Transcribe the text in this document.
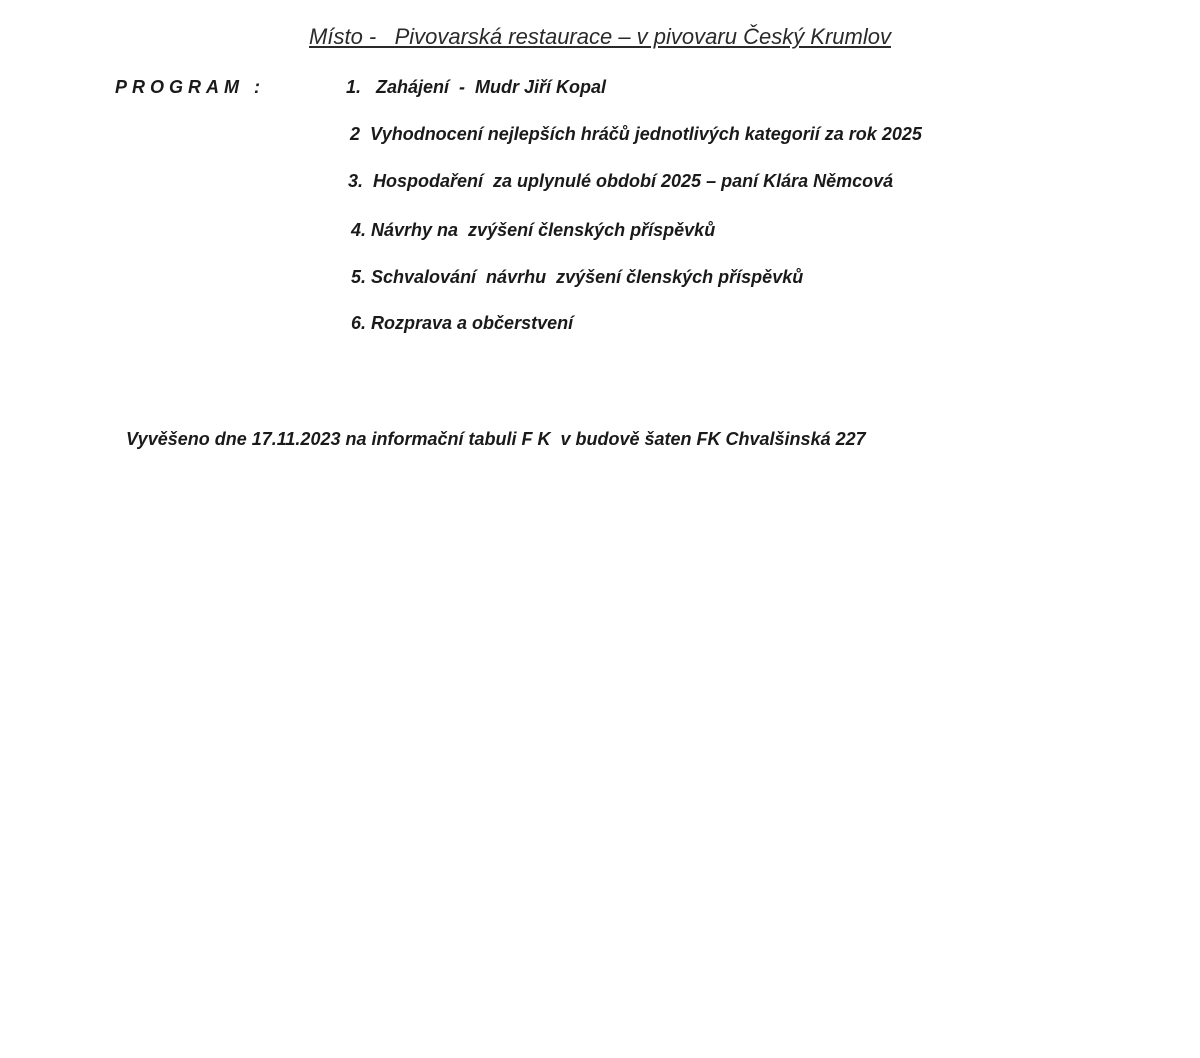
Místo -   Pivovarská restaurace – v pivovaru Český Krumlov
PROGRAM :	1.   Zahájení  -  Mudr Jiří Kopal
2  Vyhodnocení nejlepších hráčů jednotlivých kategorií za rok 2025
3.  Hospodaření  za uplynulé období 2025 – paní Klára Němcová
4. Návrhy na  zvýšení členských příspěvků
5. Schvalování  návrhu  zvýšení členských příspěvků
6. Rozprava a občerstvení
Vyvěšeno dne 17.11.2023 na informační tabuli F K  v budově šaten FK Chvalšinská 227
